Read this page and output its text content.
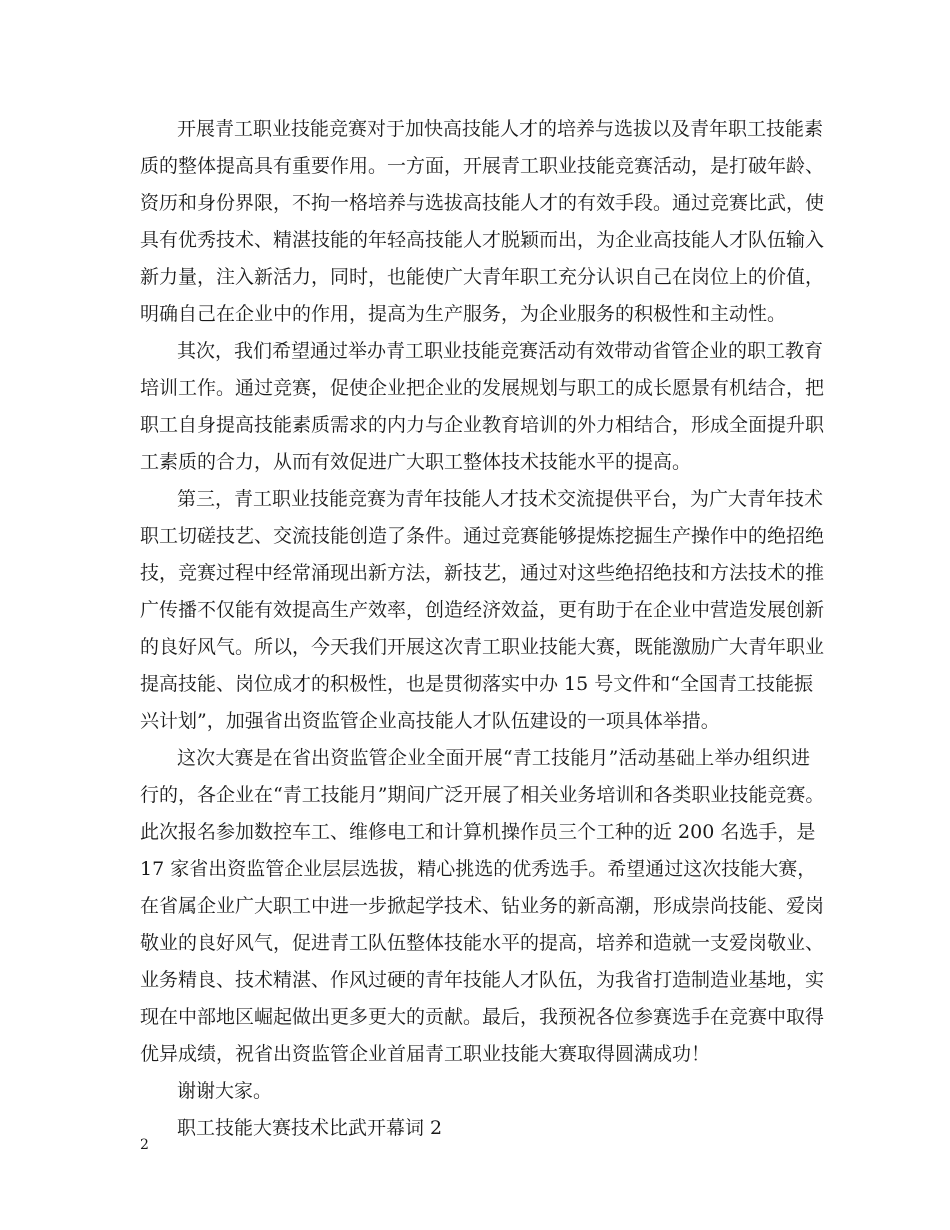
开展青工职业技能竞赛对于加快高技能人才的培养与选拔以及青年职工技能素
质的整体提高具有重要作用。一方面，开展青工职业技能竞赛活动，是打破年龄、
资历和身份界限，不拘一格培养与选拔高技能人才的有效手段。通过竞赛比武，使
具有优秀技术、精湛技能的年轻高技能人才脱颖而出，为企业高技能人才队伍输入
新力量，注入新活力，同时，也能使广大青年职工充分认识自己在岗位上的价值，
明确自己在企业中的作用，提高为生产服务，为企业服务的积极性和主动性。
其次，我们希望通过举办青工职业技能竞赛活动有效带动省管企业的职工教育
培训工作。通过竞赛，促使企业把企业的发展规划与职工的成长愿景有机结合，把
职工自身提高技能素质需求的内力与企业教育培训的外力相结合，形成全面提升职
工素质的合力，从而有效促进广大职工整体技术技能水平的提高。
第三，青工职业技能竞赛为青年技能人才技术交流提供平台，为广大青年技术
职工切磋技艺、交流技能创造了条件。通过竞赛能够提炼挖掘生产操作中的绝招绝
技，竞赛过程中经常涌现出新方法，新技艺，通过对这些绝招绝技和方法技术的推
广传播不仅能有效提高生产效率，创造经济效益，更有助于在企业中营造发展创新
的良好风气。所以，今天我们开展这次青工职业技能大赛，既能激励广大青年职业
提高技能、岗位成才的积极性，也是贯彻落实中办 15 号文件和“全国青工技能振
兴计划”，加强省出资监管企业高技能人才队伍建设的一项具体举措。
这次大赛是在省出资监管企业全面开展“青工技能月”活动基础上举办组织进
行的，各企业在“青工技能月”期间广泛开展了相关业务培训和各类职业技能竞赛。
此次报名参加数控车工、维修电工和计算机操作员三个工种的近 200 名选手，是
17 家省出资监管企业层层选拔，精心挑选的优秀选手。希望通过这次技能大赛，
在省属企业广大职工中进一步掀起学技术、钻业务的新高潮，形成崇尚技能、爱岗
敬业的良好风气，促进青工队伍整体技能水平的提高，培养和造就一支爱岗敬业、
业务精良、技术精湛、作风过硬的青年技能人才队伍，为我省打造制造业基地，实
现在中部地区崛起做出更多更大的贡献。最后，我预祝各位参赛选手在竞赛中取得
优异成绩，祝省出资监管企业首届青工职业技能大赛取得圆满成功！
谢谢大家。
职工技能大赛技术比武开幕词 2
2
